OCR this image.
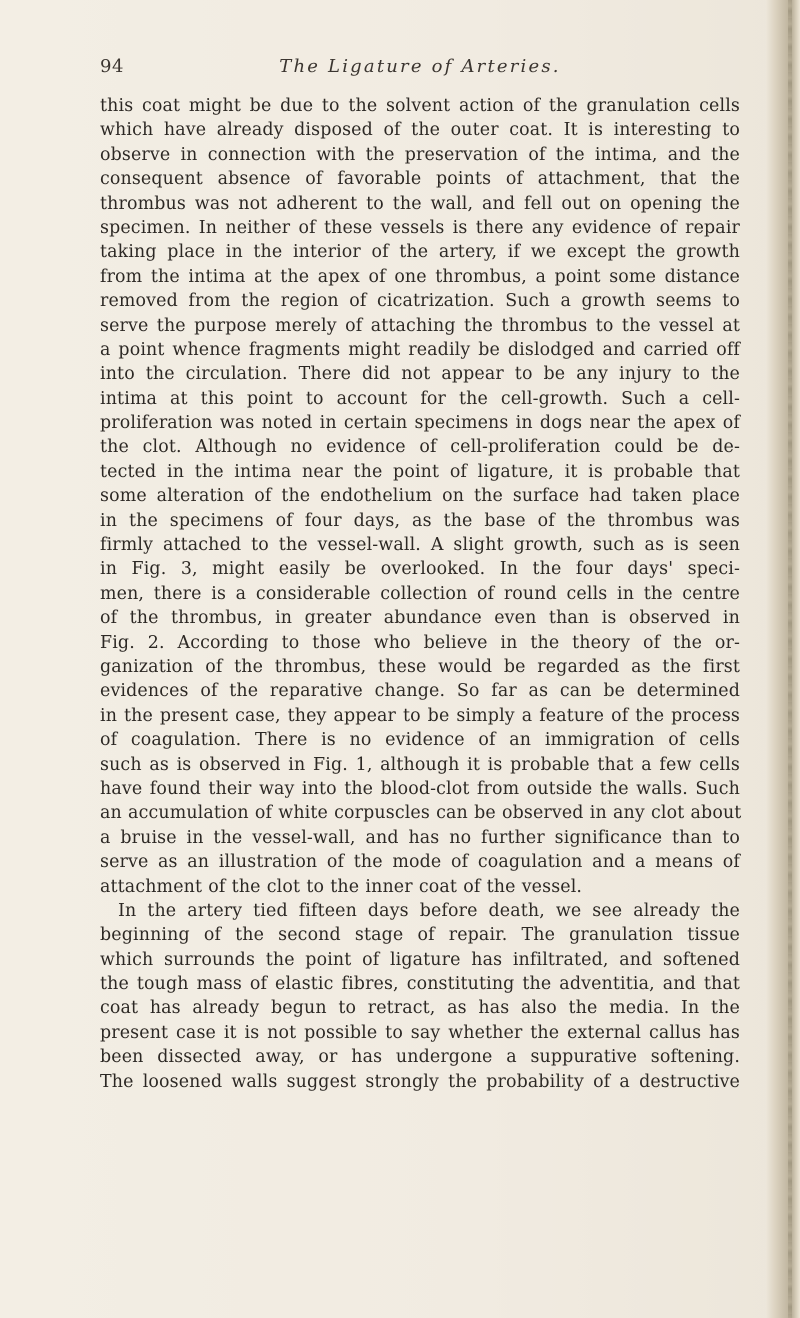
94	The Ligature of Arteries.
this coat might be due to the solvent action of the granulation cells
which have already disposed of the outer coat. It is interesting to
observe in connection with the preservation of the intima, and the
consequent absence of favorable points of attachment, that the
thrombus was not adherent to the wall, and fell out on opening the
specimen. In neither of these vessels is there any evidence of repair
taking place in the interior of the artery, if we except the growth
from the intima at the apex of one thrombus, a point some distance
removed from the region of cicatrization. Such a growth seems to
serve the purpose merely of attaching the thrombus to the vessel at
a point whence fragments might readily be dislodged and carried off
into the circulation. There did not appear to be any injury to the
intima at this point to account for the cell-growth. Such a cell-
proliferation was noted in certain specimens in dogs near the apex of
the clot. Although no evidence of cell-proliferation could be de-
tected in the intima near the point of ligature, it is probable that
some alteration of the endothelium on the surface had taken place
in the specimens of four days, as the base of the thrombus was
firmly attached to the vessel-wall. A slight growth, such as is seen
in Fig. 3, might easily be overlooked. In the four days' speci-
men, there is a considerable collection of round cells in the centre
of the thrombus, in greater abundance even than is observed in
Fig. 2. According to those who believe in the theory of the or-
ganization of the thrombus, these would be regarded as the first
evidences of the reparative change. So far as can be determined
in the present case, they appear to be simply a feature of the process
of coagulation. There is no evidence of an immigration of cells
such as is observed in Fig. 1, although it is probable that a few cells
have found their way into the blood-clot from outside the walls. Such
an accumulation of white corpuscles can be observed in any clot about
a bruise in the vessel-wall, and has no further significance than to
serve as an illustration of the mode of coagulation and a means of
attachment of the clot to the inner coat of the vessel.
In the artery tied fifteen days before death, we see already the
beginning of the second stage of repair. The granulation tissue
which surrounds the point of ligature has infiltrated, and softened
the tough mass of elastic fibres, constituting the adventitia, and that
coat has already begun to retract, as has also the media. In the
present case it is not possible to say whether the external callus has
been dissected away, or has undergone a suppurative softening.
The loosened walls suggest strongly the probability of a destructive
